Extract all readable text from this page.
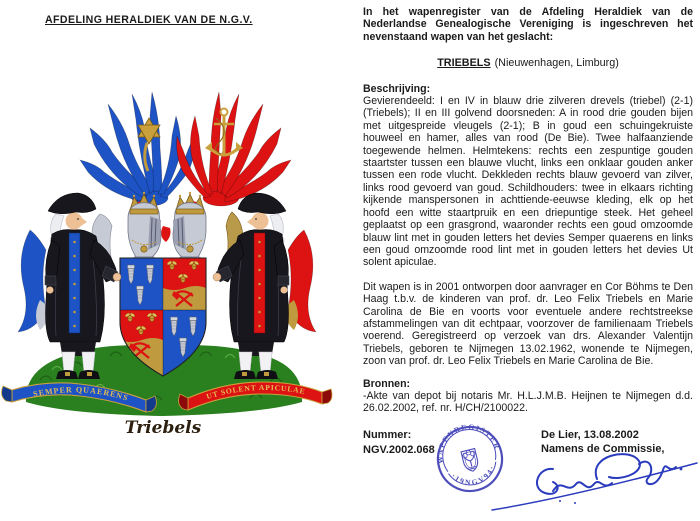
AFDELING HERALDIEK VAN DE N.G.V.
SEMPER QUAERENS	UT SOLENT APICULAE
Triebels

In het wapenregister van de Afdeling Heraldiek van de Nederlandse Genealogische Vereniging is ingeschreven het nevenstaand wapen van het geslacht:

TRIEBELS (Nieuwenhagen, Limburg)

Beschrijving:

Gevierendeeld: I en IV in blauw drie zilveren drevels (triebel) (2-1) (Triebels); II en III golvend doorsneden: A in rood drie gouden bijen met uitgespreide vleugels (2-1); B in goud een schuingekruiste houweel en hamer, alles van rood (De Bie). Twee halfaanziende toegewende helmen. Helmtekens: rechts een zespuntige gouden staartster tussen een blauwe vlucht, links een onklaar gouden anker tussen een rode vlucht. Dekkleden rechts blauw gevoerd van zilver, links rood gevoerd van goud. Schildhouders: twee in elkaars richting kijkende manspersonen in achttiende-eeuwse kleding, elk op het hoofd een witte staartpruik en een driepuntige steek. Het geheel geplaatst op een grasgrond, waaronder rechts een goud omzoomde blauw lint met in gouden letters het devies Semper quaerens en links een goud omzoomde rood lint met in gouden letters het devies Ut solent apiculae.

Dit wapen is in 2001 ontworpen door aanvrager en Cor Böhms te Den Haag t.b.v. de kinderen van prof. dr. Leo Felix Triebels en Marie Carolina de Bie en voorts voor eventuele andere rechtstreekse afstammelingen van dit echtpaar, voorzover de familienaam Triebels voerend. Geregistreerd op verzoek van drs. Alexander Valentijn Triebels, geboren te Nijmegen 13.02.1962, wonende te Nijmegen, zoon van prof. dr. Leo Felix Triebels en Marie Carolina de Bie.

Bronnen:

-Akte van depot bij notaris Mr. H.L.J.M.B. Heijnen te Nijmegen d.d. 26.02.2002, ref. nr. H/CH/2100022.

Nummer:
NGV.2002.068
De Lier, 13.08.2002
Namens de Commissie,
WAPENREGISTER
·19NGV94·
